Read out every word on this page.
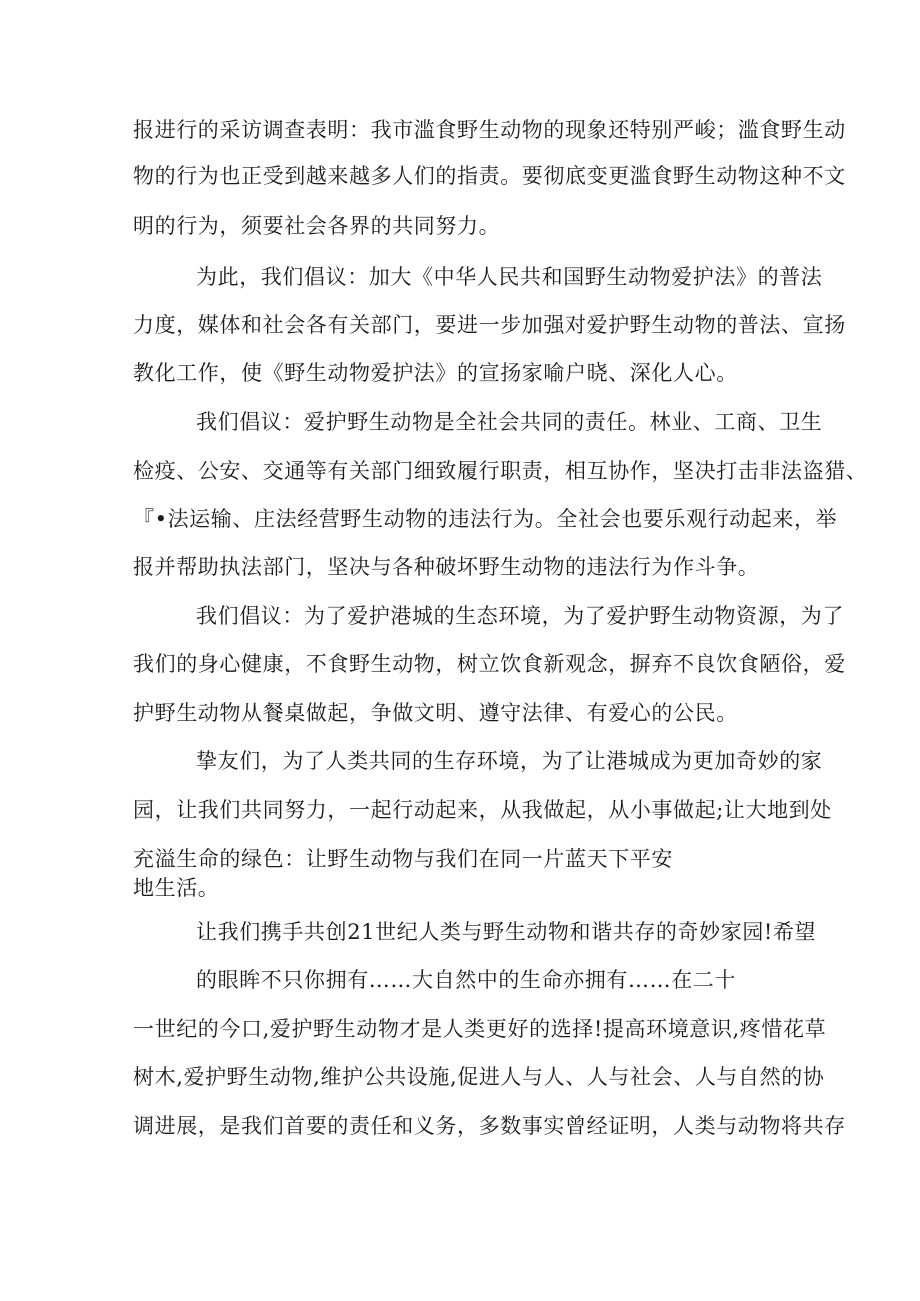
报进行的采访调查表明：我市滥食野生动物的现象还特别严峻；滥食野生动
物的行为也正受到越来越多人们的指责。要彻底变更滥食野生动物这种不文
明的行为，须要社会各界的共同努力。
为此，我们倡议：加大《中华人民共和国野生动物爱护法》的普法
力度，媒体和社会各有关部门，要进一步加强对爱护野生动物的普法、宣扬
教化工作，使《野生动物爱护法》的宣扬家喻户晓、深化人心。
我们倡议：爱护野生动物是全社会共同的责任。林业、工商、卫生
检疫、公安、交通等有关部门细致履行职责，相互协作，坚决打击非法盗猎、
『•法运输、庄法经营野生动物的违法行为。全社会也要乐观行动起来，举
报并帮助执法部门，坚决与各种破坏野生动物的违法行为作斗争。
我们倡议：为了爱护港城的生态环境，为了爱护野生动物资源，为了
我们的身心健康，不食野生动物，树立饮食新观念，摒弃不良饮食陋俗，爱
护野生动物从餐桌做起，争做文明、遵守法律、有爱心的公民。
挚友们，为了人类共同的生存环境，为了让港城成为更加奇妙的家
园，让我们共同努力，一起行动起来，从我做起，从小事做起;让大地到处
充溢生命的绿色：让野生动物与我们在同一片蓝天下平安
地生活。
让我们携手共创21世纪人类与野生动物和谐共存的奇妙家园!希望
的眼眸不只你拥有……大自然中的生命亦拥有……在二十
一世纪的今口,爱护野生动物才是人类更好的选择!提高环境意识,疼惜花草
树木,爱护野生动物,维护公共设施,促进人与人、人与社会、人与自然的协
调进展，是我们首要的责任和义务，多数事实曾经证明，人类与动物将共存
